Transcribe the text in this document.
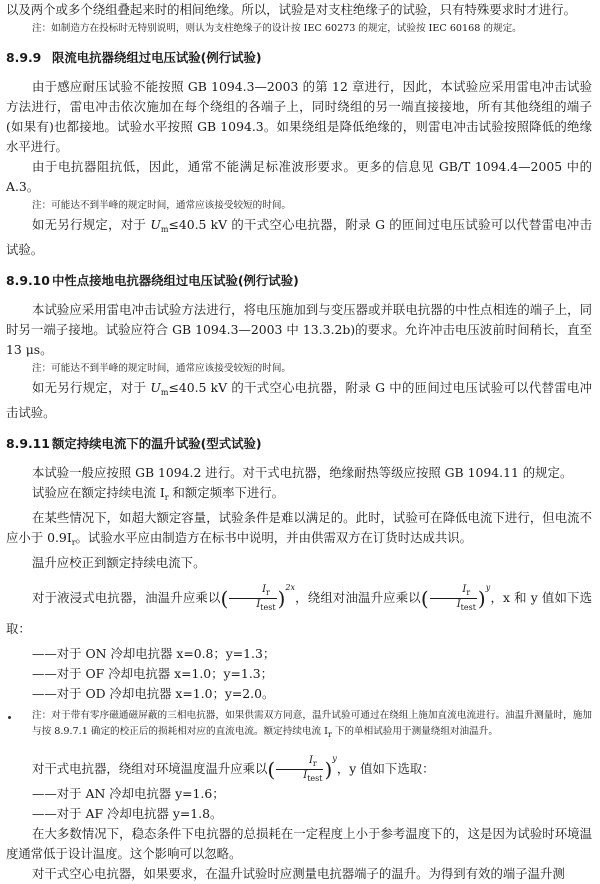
以及两个或多个绕组叠起来时的相间绝缘。所以，试验是对支柱绝缘子的试验，只有特殊要求时才进行。

注：如制造方在投标时无特别说明，则认为支柱绝缘子的设计按 IEC 60273 的规定，试验按 IEC 60168 的规定。

8.9.9 限流电抗器绕组过电压试验(例行试验)

由于感应耐压试验不能按照 GB 1094.3—2003 的第 12 章进行，因此，本试验应采用雷电冲击试验方法进行，雷电冲击依次施加在每个绕组的各端子上，同时绕组的另一端直接接地，所有其他绕组的端子(如果有)也都接地。试验水平按照 GB 1094.3。如果绕组是降低绝缘的，则雷电冲击试验按照降低的绝缘水平进行。

由于电抗器阻抗低，因此，通常不能满足标准波形要求。更多的信息见 GB/T 1094.4—2005 中的 A.3。

注：可能达不到半峰的规定时间，通常应该接受较短的时间。

如无另行规定，对于 $U_m\le 40.5$ kV 的干式空心电抗器，附录 G 的匝间过电压试验可以代替雷电冲击试验。

8.9.10 中性点接地电抗器绕组过电压试验(例行试验)

本试验应采用雷电冲击试验方法进行，将电压施加到与变压器或并联电抗器的中性点相连的端子上，同时另一端子接地。试验应符合 GB 1094.3—2003 中 13.3.2b)的要求。允许冲击电压波前时间稍长，直至 13 μs。

注：可能达不到半峰的规定时间，通常应该接受较短的时间。

如无另行规定，对于 $U_m\le 40.5$ kV 的干式空心电抗器，附录 G 中的匝间过电压试验可以代替雷电冲击试验。

8.9.11 额定持续电流下的温升试验(型式试验)

本试验一般应按照 GB 1094.2 进行。对干式电抗器，绝缘耐热等级应按照 GB 1094.11 的规定。

试验应在额定持续电流 $I_r$ 和额定频率下进行。

在某些情况下，如超大额定容量，试验条件是难以满足的。此时，试验可在降低电流下进行，但电流不应小于 $0.9I_r$。试验水平应由制造方在标书中说明，并由供需双方在订货时达成共识。

温升应校正到额定持续电流下。

对于液浸式电抗器，油温升应乘以( $\frac{I_r}{I_{test}} )^{2x}$，绕组对油温升应乘以( $\frac{I_r}{I_{test}} )^y$，x 和 y 值如下选取：

——对于 ON 冷却电抗器 x=0.8；y=1.3；

——对于 OF 冷却电抗器 x=1.0；y=1.3；

——对于 OD 冷却电抗器 x=1.0；y=2.0。

注：对于带有零序磁通磁屏蔽的三相电抗器，如果供需双方同意，温升试验可通过在绕组上施加直流电流进行。油温升测量时，施加与按 8.9.7.1 确定的校正后的损耗相对应的直流电流。额定持续电流 $I_r$ 下的单相试验用于测量绕组对油温升。

对干式电抗器，绕组对环境温度温升应乘以( $\frac{I_r}{I_{test}} )^y$，y 值如下选取：

——对于 AN 冷却电抗器 y=1.6；

——对于 AF 冷却电抗器 y=1.8。

在大多数情况下，稳态条件下电抗器的总损耗在一定程度上小于参考温度下的，这是因为试验时环境温度通常低于设计温度。这个影响可以忽略。

对干式空心电抗器，如果要求，在温升试验时应测量电抗器端子的温升。为得到有效的端子温升测
